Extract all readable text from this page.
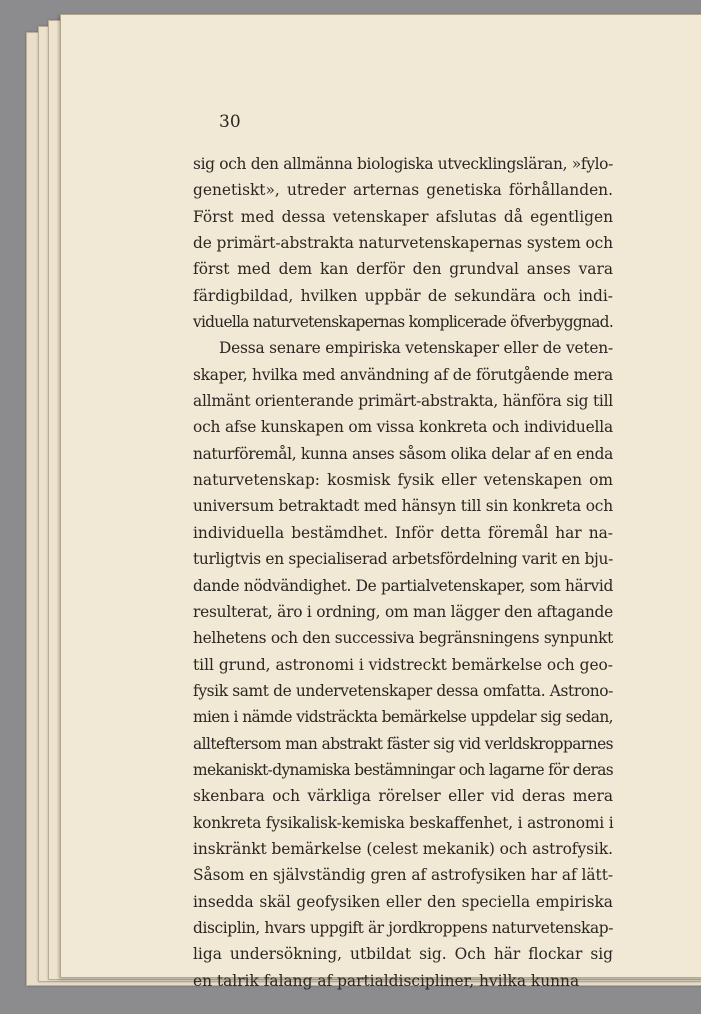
30
sig och den allmänna biologiska utvecklingsläran, »fylo-
genetiskt», utreder arternas genetiska förhållanden.
Först med dessa vetenskaper afslutas då egentligen
de primärt-abstrakta naturvetenskapernas system och
först med dem kan derför den grundval anses vara
färdigbildad, hvilken uppbär de sekundära och indi-
viduella naturvetenskapernas komplicerade öfverbyggnad.
Dessa senare empiriska vetenskaper eller de veten-
skaper, hvilka med användning af de förutgående mera
allmänt orienterande primärt-abstrakta, hänföra sig till
och afse kunskapen om vissa konkreta och individuella
naturföremål, kunna anses såsom olika delar af en enda
naturvetenskap: kosmisk fysik eller vetenskapen om
universum betraktadt med hänsyn till sin konkreta och
individuella bestämdhet. Inför detta föremål har na-
turligtvis en specialiserad arbetsfördelning varit en bju-
dande nödvändighet. De partialvetenskaper, som härvid
resulterat, äro i ordning, om man lägger den aftagande
helhetens och den successiva begränsningens synpunkt
till grund, astronomi i vidstreckt bemärkelse och geo-
fysik samt de undervetenskaper dessa omfatta. Astrono-
mien i nämde vidsträckta bemärkelse uppdelar sig sedan,
allteftersom man abstrakt fäster sig vid verldskropparnes
mekaniskt-dynamiska bestämningar och lagarne för deras
skenbara och värkliga rörelser eller vid deras mera
konkreta fysikalisk-kemiska beskaffenhet, i astronomi i
inskränkt bemärkelse (celest mekanik) och astrofysik.
Såsom en självständig gren af astrofysiken har af lätt-
insedda skäl geofysiken eller den speciella empiriska
disciplin, hvars uppgift är jordkroppens naturvetenskap-
liga undersökning, utbildat sig. Och här flockar sig
en talrik falang af partialdiscipliner, hvilka kunna
